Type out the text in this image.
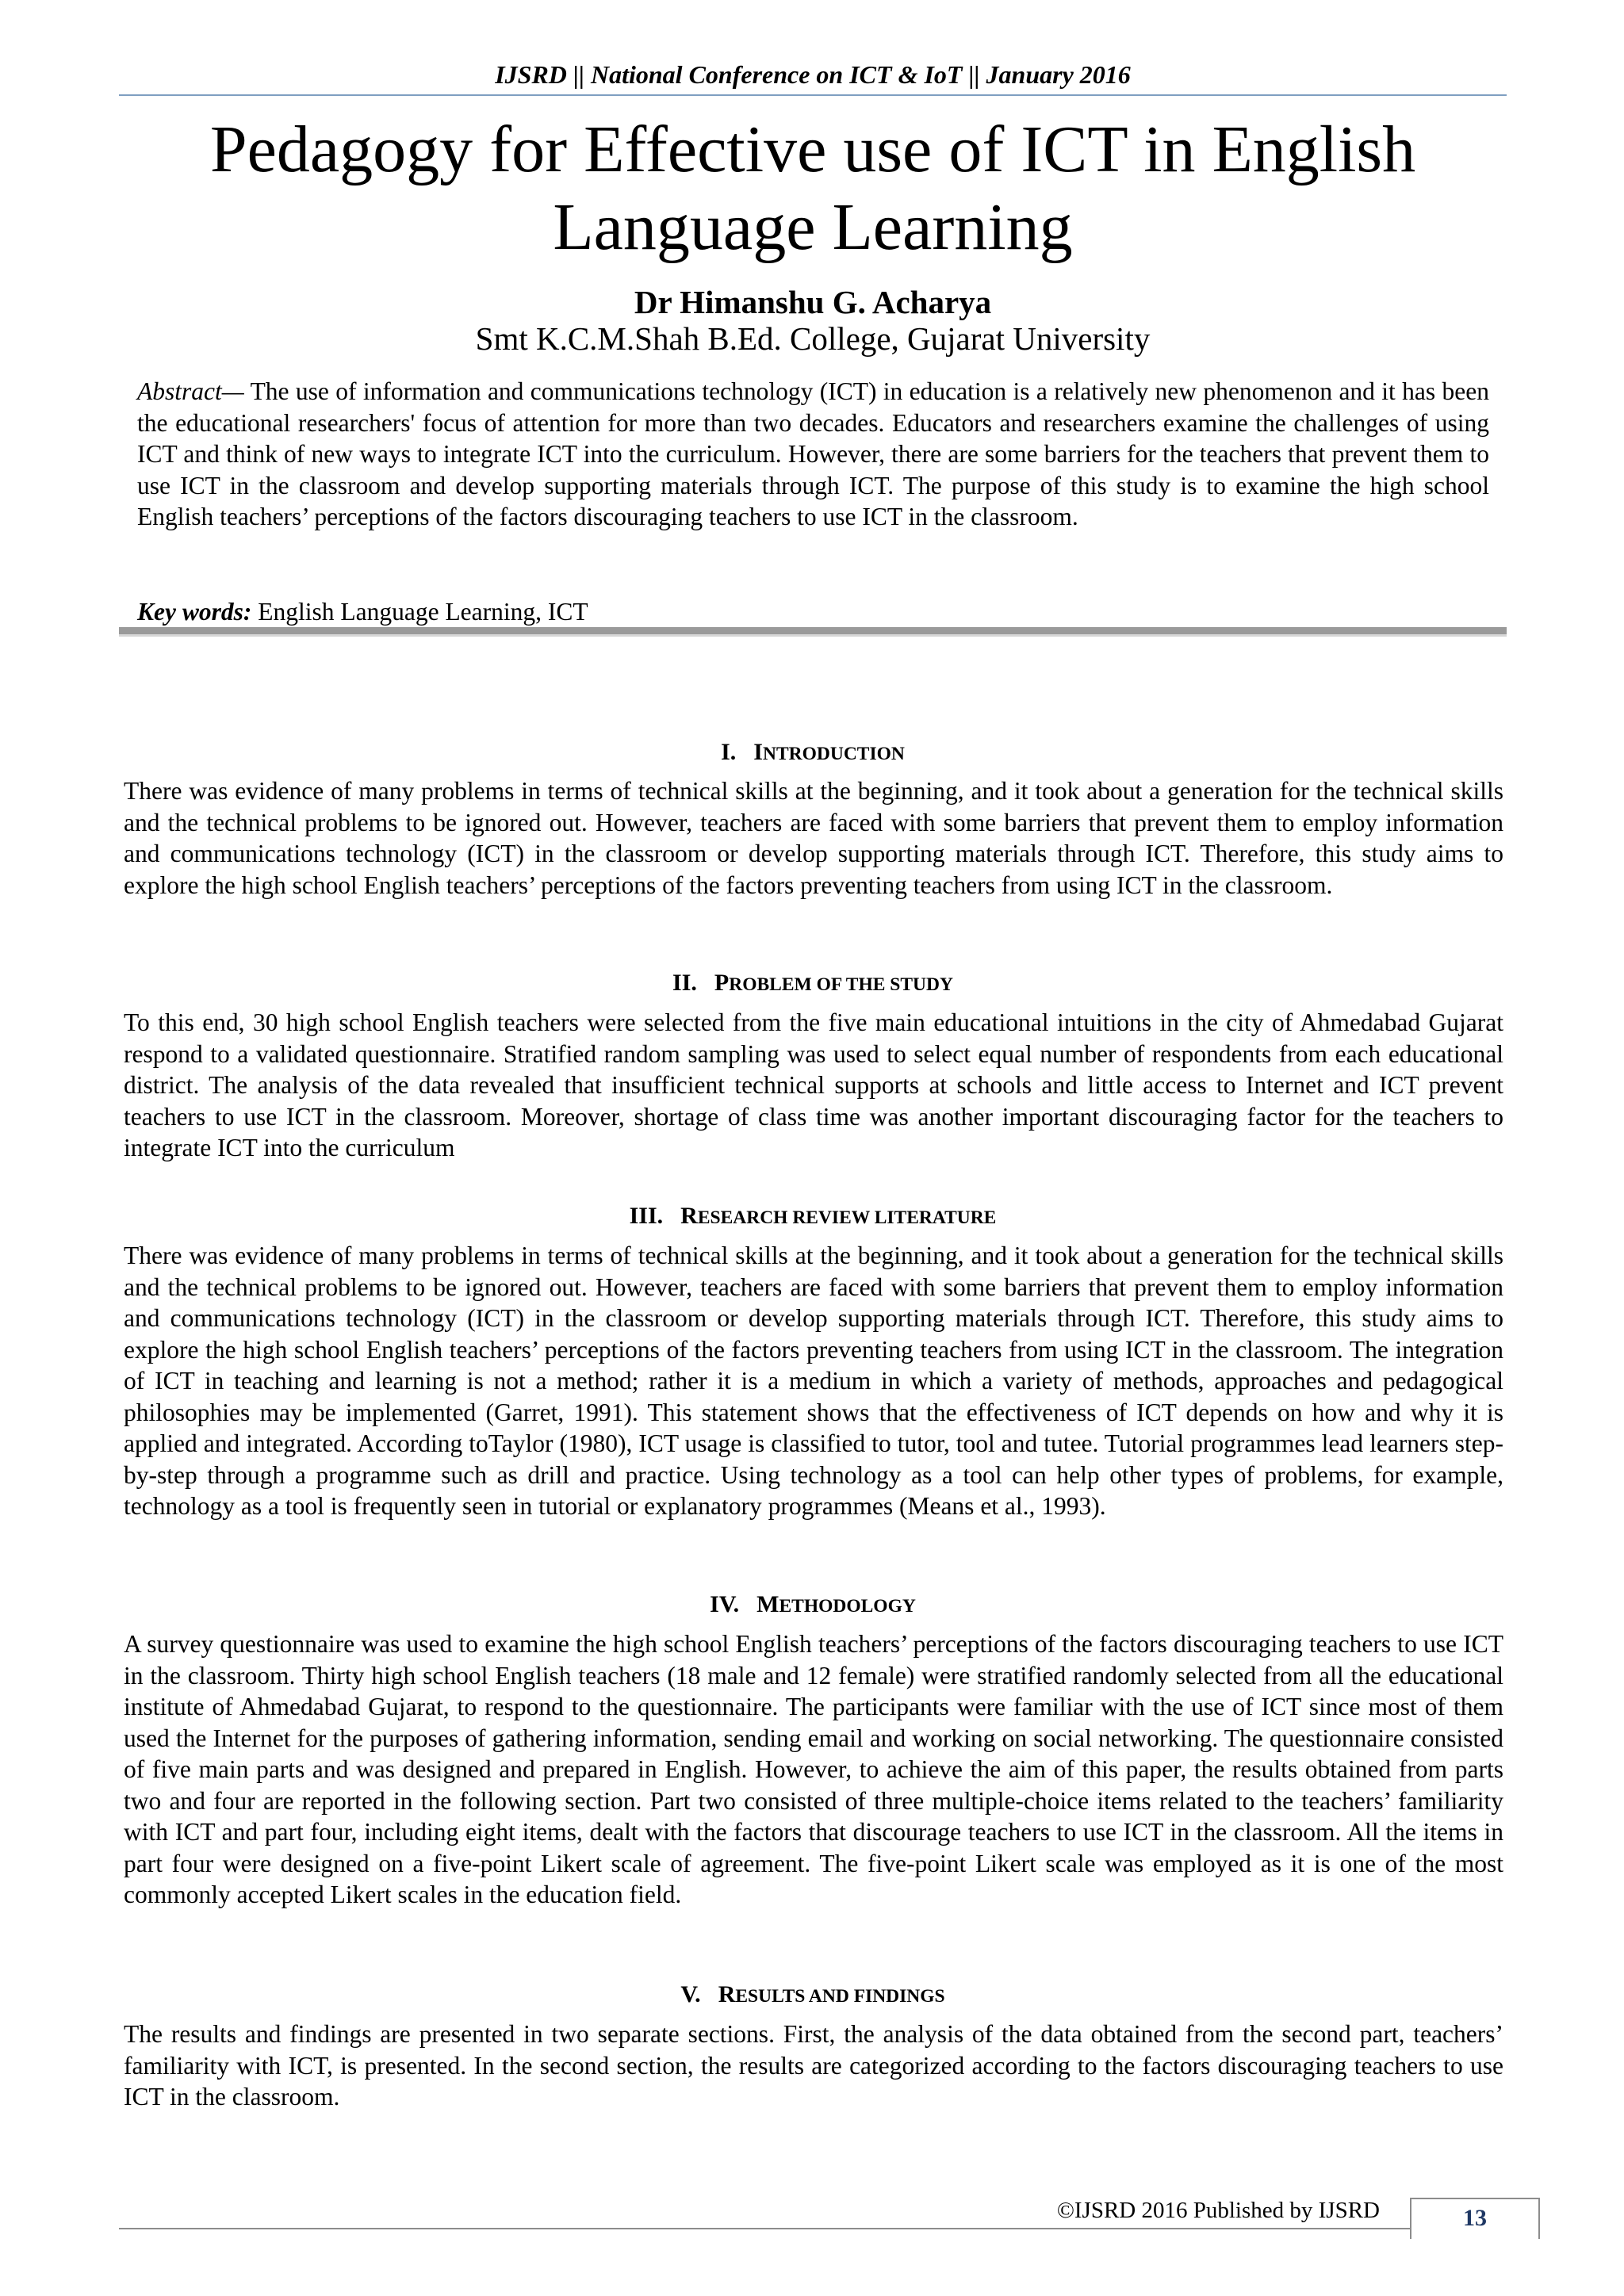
IJSRD || National Conference on ICT & IoT || January 2016
Pedagogy for Effective use of ICT in English Language Learning
Dr Himanshu G. Acharya
Smt K.C.M.Shah B.Ed. College, Gujarat University

Abstract— The use of information and communications technology (ICT) in education is a relatively new phenomenon and it has been the educational researchers' focus of attention for more than two decades. Educators and researchers examine the challenges of using ICT and think of new ways to integrate ICT into the curriculum. However, there are some barriers for the teachers that prevent them to use ICT in the classroom and develop supporting materials through ICT. The purpose of this study is to examine the high school English teachers’ perceptions of the factors discouraging teachers to use ICT in the classroom.

Key words: English Language Learning, ICT

I. INTRODUCTION

There was evidence of many problems in terms of technical skills at the beginning, and it took about a generation for the technical skills and the technical problems to be ignored out. However, teachers are faced with some barriers that prevent them to employ information and communications technology (ICT) in the classroom or develop supporting materials through ICT. Therefore, this study aims to explore the high school English teachers’ perceptions of the factors preventing teachers from using ICT in the classroom.

II. PROBLEM OF THE STUDY

To this end, 30 high school English teachers were selected from the five main educational intuitions in the city of Ahmedabad Gujarat respond to a validated questionnaire. Stratified random sampling was used to select equal number of respondents from each educational district. The analysis of the data revealed that insufficient technical supports at schools and little access to Internet and ICT prevent teachers to use ICT in the classroom. Moreover, shortage of class time was another important discouraging factor for the teachers to integrate ICT into the curriculum

III. RESEARCH REVIEW LITERATURE

There was evidence of many problems in terms of technical skills at the beginning, and it took about a generation for the technical skills and the technical problems to be ignored out. However, teachers are faced with some barriers that prevent them to employ information and communications technology (ICT) in the classroom or develop supporting materials through ICT. Therefore, this study aims to explore the high school English teachers’ perceptions of the factors preventing teachers from using ICT in the classroom. The integration of ICT in teaching and learning is not a method; rather it is a medium in which a variety of methods, approaches and pedagogical philosophies may be implemented (Garret, 1991). This statement shows that the effectiveness of ICT depends on how and why it is applied and integrated. According toTaylor (1980), ICT usage is classified to tutor, tool and tutee. Tutorial programmes lead learners step-by-step through a programme such as drill and practice. Using technology as a tool can help other types of problems, for example, technology as a tool is frequently seen in tutorial or explanatory programmes (Means et al., 1993).

IV. METHODOLOGY

A survey questionnaire was used to examine the high school English teachers’ perceptions of the factors discouraging teachers to use ICT in the classroom. Thirty high school English teachers (18 male and 12 female) were stratified randomly selected from all the educational institute of Ahmedabad Gujarat, to respond to the questionnaire. The participants were familiar with the use of ICT since most of them used the Internet for the purposes of gathering information, sending email and working on social networking. The questionnaire consisted of five main parts and was designed and prepared in English. However, to achieve the aim of this paper, the results obtained from parts two and four are reported in the following section. Part two consisted of three multiple-choice items related to the teachers’ familiarity with ICT and part four, including eight items, dealt with the factors that discourage teachers to use ICT in the classroom. All the items in part four were designed on a five-point Likert scale of agreement. The five-point Likert scale was employed as it is one of the most commonly accepted Likert scales in the education field.

V. RESULTS AND FINDINGS

The results and findings are presented in two separate sections. First, the analysis of the data obtained from the second part, teachers’ familiarity with ICT, is presented. In the second section, the results are categorized according to the factors discouraging teachers to use ICT in the classroom.

©IJSRD 2016 Published by IJSRD	13
